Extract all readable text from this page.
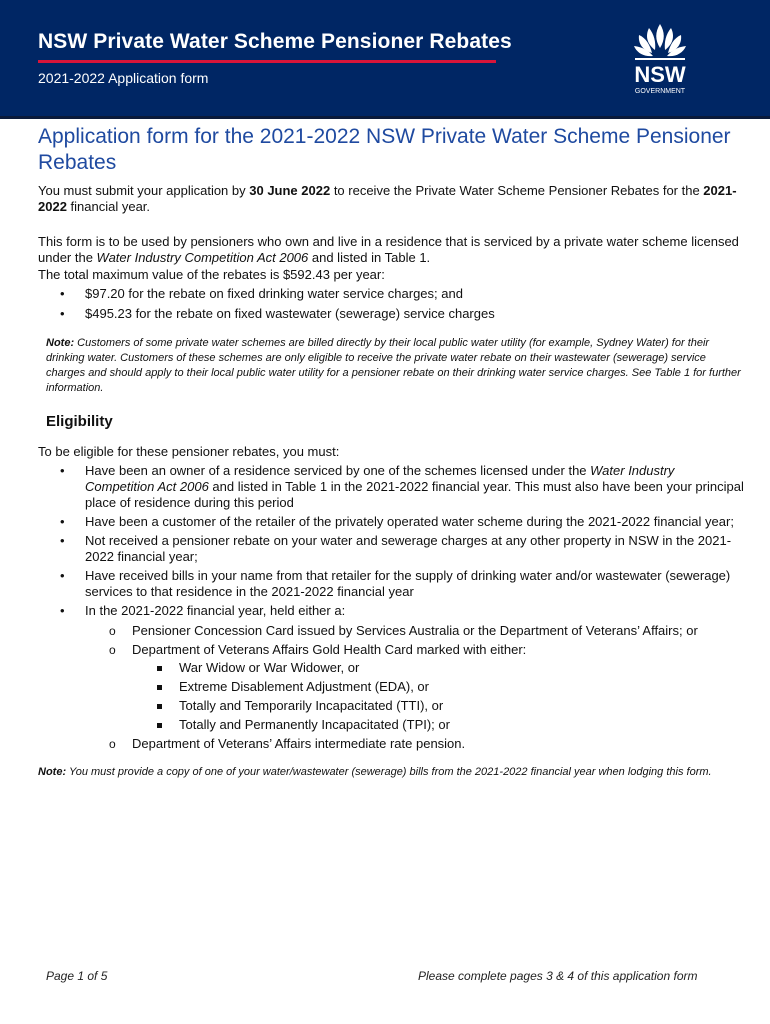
NSW Private Water Scheme Pensioner Rebates
2021-2022 Application form	NSW
GOVERNMENT
Application form for the 2021-2022 NSW Private Water Scheme Pensioner Rebates

You must submit your application by 30 June 2022 to receive the Private Water Scheme Pensioner Rebates for the 2021-2022 financial year.

This form is to be used by pensioners who own and live in a residence that is serviced by a private water scheme licensed under the Water Industry Competition Act 2006 and listed in Table 1.

The total maximum value of the rebates is $592.43 per year:

• $97.20 for the rebate on fixed drinking water service charges; and
• $495.23 for the rebate on fixed wastewater (sewerage) service charges

Note: Customers of some private water schemes are billed directly by their local public water utility (for example, Sydney Water) for their drinking water. Customers of these schemes are only eligible to receive the private water rebate on their wastewater (sewerage) service charges and should apply to their local public water utility for a pensioner rebate on their drinking water service charges. See Table 1 for further information.

Eligibility

To be eligible for these pensioner rebates, you must:

• Have been an owner of a residence serviced by one of the schemes licensed under the Water Industry Competition Act 2006 and listed in Table 1 in the 2021-2022 financial year. This must also have been your principal place of residence during this period
• Have been a customer of the retailer of the privately operated water scheme during the 2021-2022 financial year;
• Not received a pensioner rebate on your water and sewerage charges at any other property in NSW in the 2021-2022 financial year;
• Have received bills in your name from that retailer for the supply of drinking water and/or wastewater (sewerage) services to that residence in the 2021-2022 financial year
• In the 2021-2022 financial year, held either a:
o Pensioner Concession Card issued by Services Australia or the Department of Veterans’ Affairs; or
o Department of Veterans Affairs Gold Health Card marked with either:
War Widow or War Widower, or
Extreme Disablement Adjustment (EDA), or
Totally and Temporarily Incapacitated (TTI), or
Totally and Permanently Incapacitated (TPI); or
o Department of Veterans’ Affairs intermediate rate pension.

Note: You must provide a copy of one of your water/wastewater (sewerage) bills from the 2021-2022 financial year when lodging this form.

Page 1 of 5	Please complete pages 3 & 4 of this application form
